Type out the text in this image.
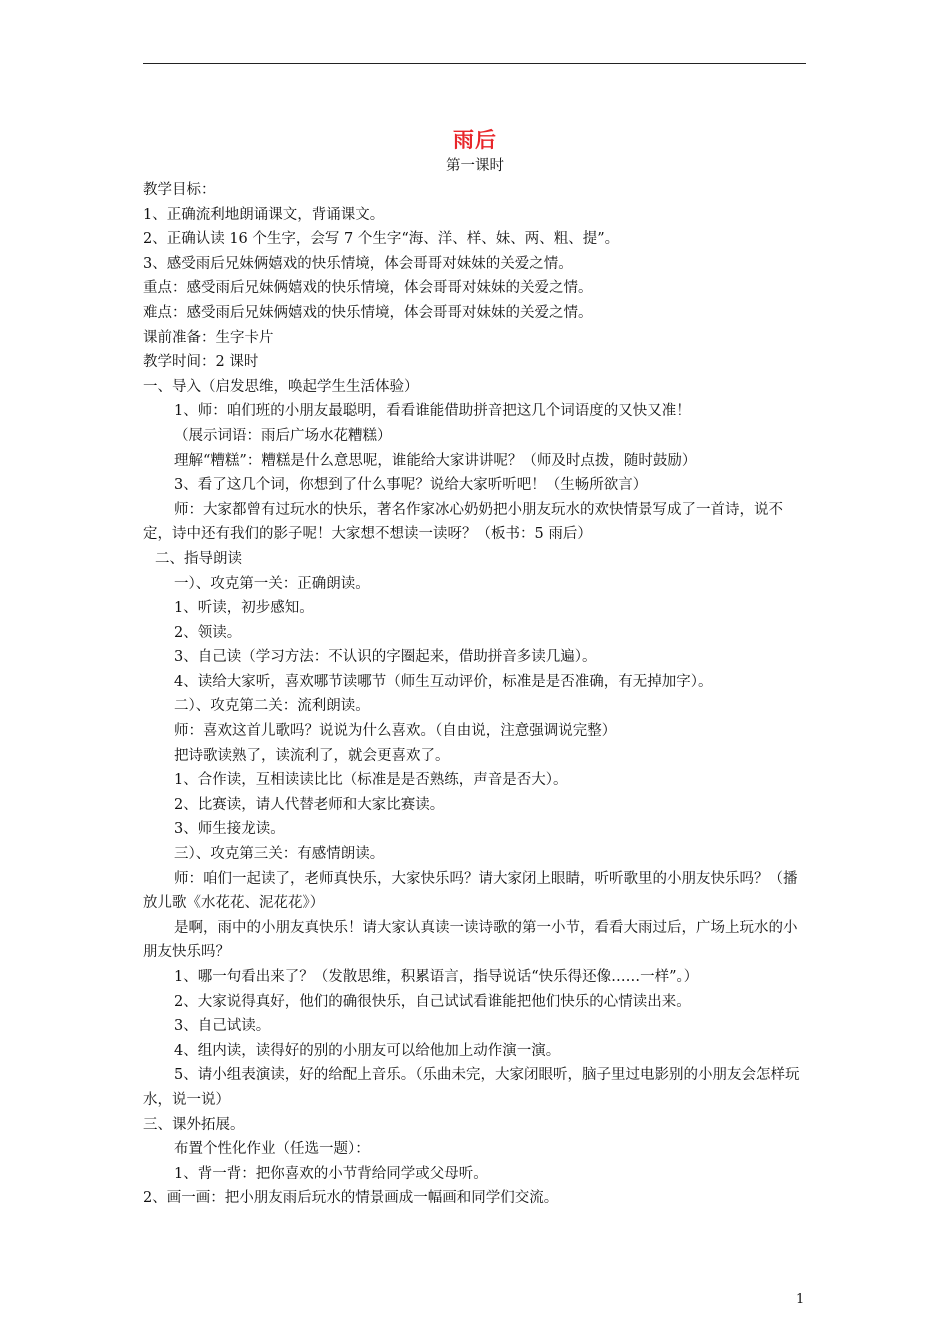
雨后
第一课时

教学目标：

1、正确流利地朗诵课文，背诵课文。

2、正确认读 16 个生字，会写 7 个生字“海、洋、样、妹、两、粗、提”。

3、感受雨后兄妹俩嬉戏的快乐情境，体会哥哥对妹妹的关爱之情。

重点：感受雨后兄妹俩嬉戏的快乐情境，体会哥哥对妹妹的关爱之情。

难点：感受雨后兄妹俩嬉戏的快乐情境，体会哥哥对妹妹的关爱之情。

课前准备：生字卡片

教学时间：2 课时

一、导入（启发思维，唤起学生生活体验）

1、师：咱们班的小朋友最聪明，看看谁能借助拼音把这几个词语度的又快又准！

（展示词语：雨后广场水花糟糕）

理解“糟糕”：糟糕是什么意思呢，谁能给大家讲讲呢？（师及时点拨，随时鼓励）

3、看了这几个词，你想到了什么事呢？说给大家听听吧！（生畅所欲言）

师：大家都曾有过玩水的快乐，著名作家冰心奶奶把小朋友玩水的欢快情景写成了一首诗，说不定，诗中还有我们的影子呢！大家想不想读一读呀？（板书：5 雨后）

二、指导朗读

一）、攻克第一关：正确朗读。

1、听读，初步感知。

2、领读。

3、自己读（学习方法：不认识的字圈起来，借助拼音多读几遍）。

4、读给大家听，喜欢哪节读哪节（师生互动评价，标准是是否准确，有无掉加字）。

二）、攻克第二关：流利朗读。

师：喜欢这首儿歌吗？说说为什么喜欢。（自由说，注意强调说完整）

把诗歌读熟了，读流利了，就会更喜欢了。

1、合作读，互相读读比比（标准是是否熟练，声音是否大）。

2、比赛读，请人代替老师和大家比赛读。

3、师生接龙读。

三）、攻克第三关：有感情朗读。

师：咱们一起读了，老师真快乐，大家快乐吗？请大家闭上眼睛，听听歌里的小朋友快乐吗？（播放儿歌《水花花、泥花花》）

是啊，雨中的小朋友真快乐！请大家认真读一读诗歌的第一小节，看看大雨过后，广场上玩水的小朋友快乐吗？

1、哪一句看出来了？（发散思维，积累语言，指导说话“快乐得还像……一样”。）

2、大家说得真好，他们的确很快乐，自己试试看谁能把他们快乐的心情读出来。

3、自己试读。

4、组内读，读得好的别的小朋友可以给他加上动作演一演。

5、请小组表演读，好的给配上音乐。（乐曲未完，大家闭眼听，脑子里过电影别的小朋友会怎样玩水，说一说）

三、课外拓展。

布置个性化作业（任选一题）：

1、背一背：把你喜欢的小节背给同学或父母听。

2、画一画：把小朋友雨后玩水的情景画成一幅画和同学们交流。

1
